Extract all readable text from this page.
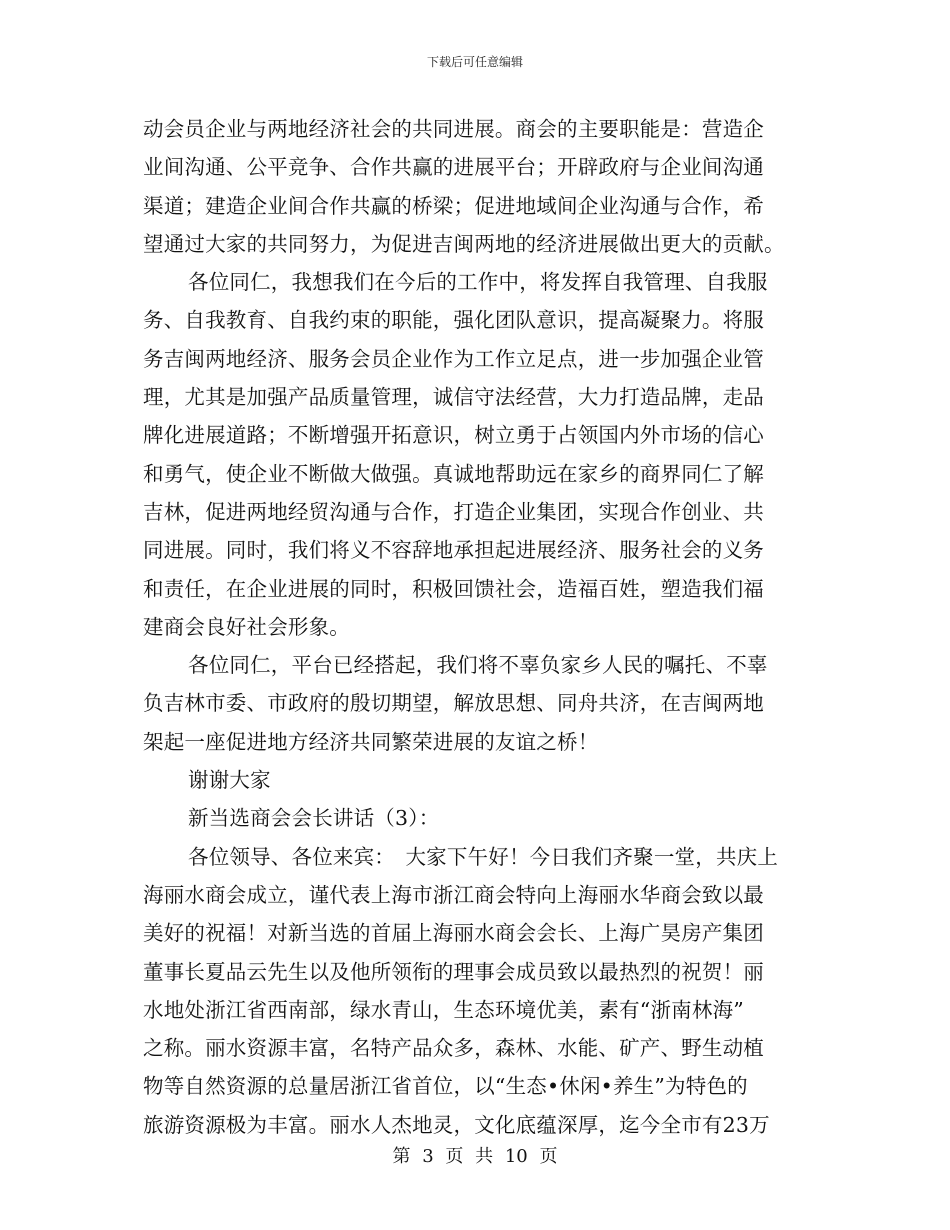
下载后可任意编辑
动会员企业与两地经济社会的共同进展。商会的主要职能是：营造企
业间沟通、公平竞争、合作共赢的进展平台；开辟政府与企业间沟通
渠道；建造企业间合作共赢的桥梁；促进地域间企业沟通与合作，希
望通过大家的共同努力，为促进吉闽两地的经济进展做出更大的贡献。
各位同仁，我想我们在今后的工作中，将发挥自我管理、自我服
务、自我教育、自我约束的职能，强化团队意识，提高凝聚力。将服
务吉闽两地经济、服务会员企业作为工作立足点，进一步加强企业管
理，尤其是加强产品质量管理，诚信守法经营，大力打造品牌，走品
牌化进展道路；不断增强开拓意识，树立勇于占领国内外市场的信心
和勇气，使企业不断做大做强。真诚地帮助远在家乡的商界同仁了解
吉林，促进两地经贸沟通与合作，打造企业集团，实现合作创业、共
同进展。同时，我们将义不容辞地承担起进展经济、服务社会的义务
和责任，在企业进展的同时，积极回馈社会，造福百姓，塑造我们福
建商会良好社会形象。
各位同仁，平台已经搭起，我们将不辜负家乡人民的嘱托、不辜
负吉林市委、市政府的殷切期望，解放思想、同舟共济，在吉闽两地
架起一座促进地方经济共同繁荣进展的友谊之桥！
谢谢大家
新当选商会会长讲话（3）：
各位领导、各位来宾：　大家下午好！今日我们齐聚一堂，共庆上
海丽水商会成立，谨代表上海市浙江商会特向上海丽水华商会致以最
美好的祝福！对新当选的首届上海丽水商会会长、上海广昊房产集团
董事长夏品云先生以及他所领衔的理事会成员致以最热烈的祝贺！丽
水地处浙江省西南部，绿水青山，生态环境优美，素有“浙南林海”
之称。丽水资源丰富，名特产品众多，森林、水能、矿产、野生动植
物等自然资源的总量居浙江省首位，以“生态•休闲•养生”为特色的
旅游资源极为丰富。丽水人杰地灵，文化底蕴深厚，迄今全市有23万
第 3 页 共 10 页
